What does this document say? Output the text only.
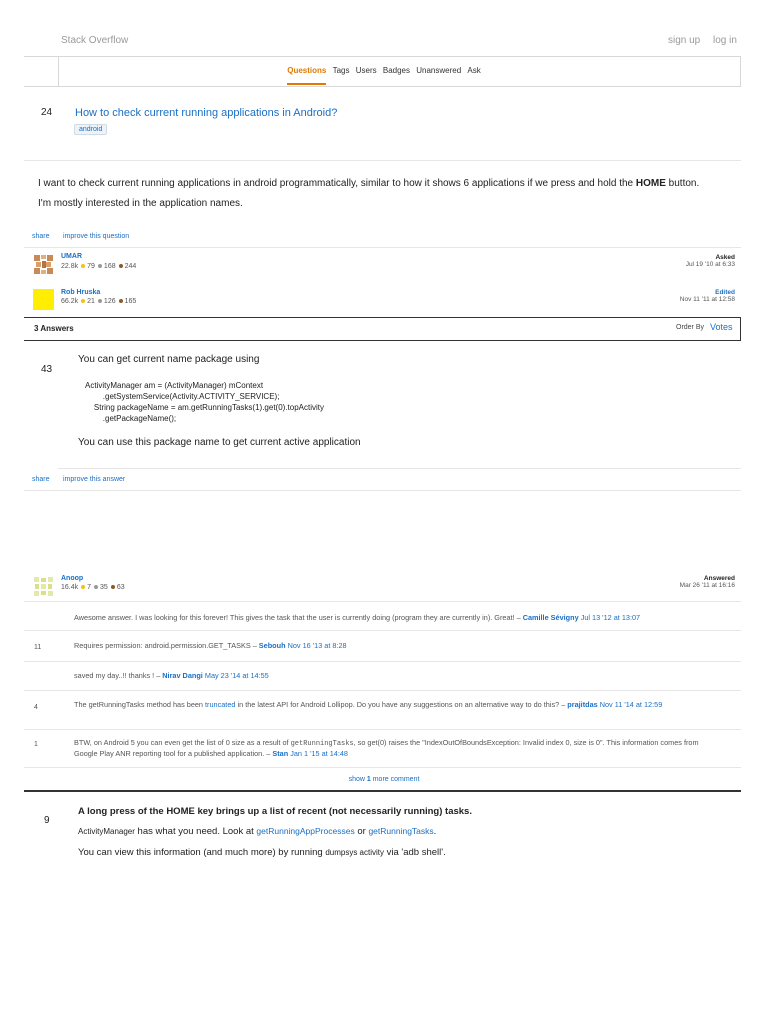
Stack Overflow	sign up log in
Questions Tags Users Badges Unanswered Ask
24 How to check current running applications in Android?
android
I want to check current running applications in android programmatically, similar to how it shows 6 applications if we press and hold the HOME button.
I'm mostly interested in the application names.
share improve this question
UMAR
22.8k 79 168 244
Asked
Jul 19 '10 at 6:33
Rob Hruska
66.2k 21 126 165
Edited
Nov 11 '11 at 12:58
3 Answers	Order By Votes
43
You can get current name package using
ActivityManager am = (ActivityManager) mContext
.getSystemService(Activity.ACTIVITY_SERVICE);
String packageName = am.getRunningTasks(1).get(0).topActivity
.getPackageName();
You can use this package name to get current active application
share improve this answer
Anoop
16.4k 7 35 63
Answered
Mar 26 '11 at 16:16
Awesome answer. I was looking for this forever! This gives the task that the user is currently doing (program they are currently in). Great! – Camille Sévigny Jul 13 '12 at 13:07
11	Requires permission: android.permission.GET_TASKS – Sebouh Nov 16 '13 at 8:28
saved my day..!! thanks ! – Nirav Dangi May 23 '14 at 14:55
4	The getRunningTasks method has been truncated in the latest API for Android Lollipop. Do you have any suggestions on an alternative way to do this? – prajitdas Nov 11 '14 at 12:59
1	BTW, on Android 5 you can even get the list of 0 size as a result of getRunningTasks, so get(0) raises the "IndexOutOfBoundsException: Invalid index 0, size is 0". This information comes from Google Play ANR reporting tool for a published application. – Stan Jan 1 '15 at 14:48
show 1 more comment
9
A long press of the HOME key brings up a list of recent (not necessarily running) tasks.
ActivityManager has what you need. Look at getRunningAppProcesses or getRunningTasks.
You can view this information (and much more) by running dumpsys activity via 'adb shell'.
